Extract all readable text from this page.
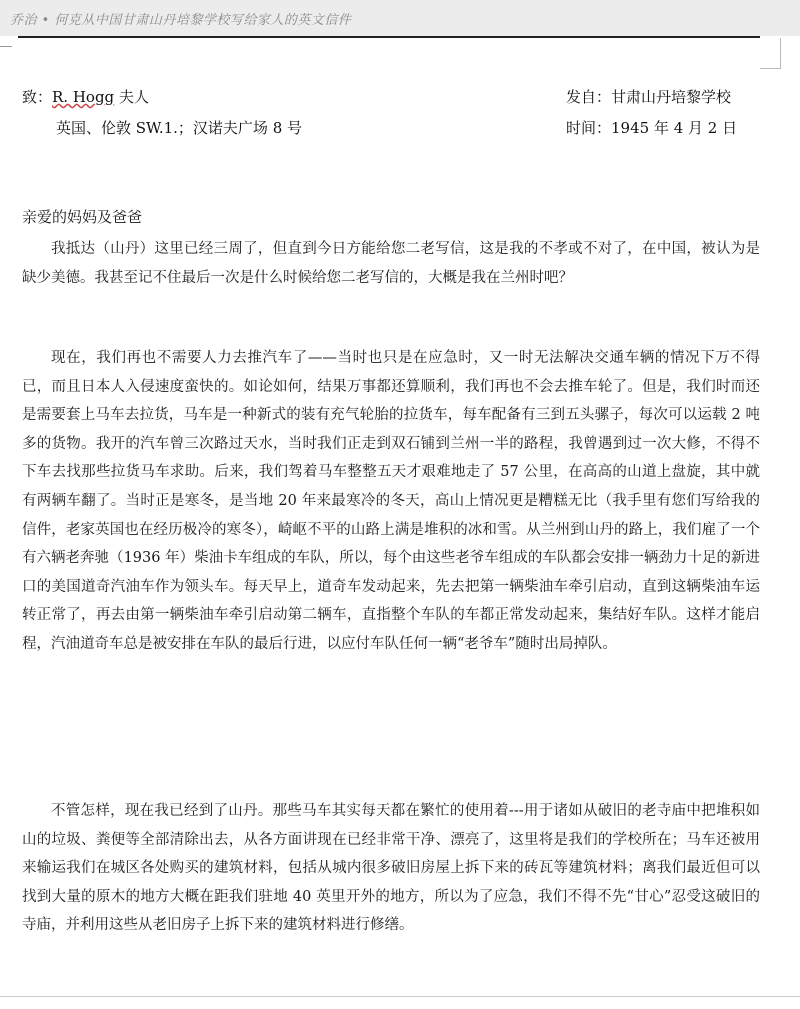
乔治 • 何克从中国甘肃山丹培黎学校写给家人的英文信件
致：R. Hogg 夫人
英国、伦敦 SW.1.；汉诺夫广场 8 号
发自：甘肃山丹培黎学校
时间：1945 年 4 月 2 日
亲爱的妈妈及爸爸

我抵达（山丹）这里已经三周了，但直到今日方能给您二老写信，这是我的不孝或不对了，在中国，被认为是缺少美德。我甚至记不住最后一次是什么时候给您二老写信的，大概是我在兰州时吧？

现在，我们再也不需要人力去推汽车了——当时也只是在应急时，又一时无法解决交通车辆的情况下万不得已，而且日本人入侵速度蛮快的。如论如何，结果万事都还算顺利，我们再也不会去推车轮了。但是，我们时而还是需要套上马车去拉货，马车是一种新式的装有充气轮胎的拉货车，每车配备有三到五头骡子，每次可以运载 2 吨多的货物。我开的汽车曾三次路过天水，当时我们正走到双石铺到兰州一半的路程，我曾遇到过一次大修，不得不下车去找那些拉货马车求助。后来，我们驾着马车整整五天才艰难地走了 57 公里，在高高的山道上盘旋，其中就有两辆车翻了。当时正是寒冬，是当地 20 年来最寒冷的冬天，高山上情况更是糟糕无比（我手里有您们写给我的信件，老家英国也在经历极冷的寒冬），崎岖不平的山路上满是堆积的冰和雪。从兰州到山丹的路上，我们雇了一个有六辆老奔驰（1936 年）柴油卡车组成的车队，所以，每个由这些老爷车组成的车队都会安排一辆劲力十足的新进口的美国道奇汽油车作为领头车。每天早上，道奇车发动起来，先去把第一辆柴油车牵引启动，直到这辆柴油车运转正常了，再去由第一辆柴油车牵引启动第二辆车，直指整个车队的车都正常发动起来，集结好车队。这样才能启程，汽油道奇车总是被安排在车队的最后行进，以应付车队任何一辆“老爷车”随时出局掉队。

不管怎样，现在我已经到了山丹。那些马车其实每天都在繁忙的使用着---用于诸如从破旧的老寺庙中把堆积如山的垃圾、粪便等全部清除出去，从各方面讲现在已经非常干净、漂亮了，这里将是我们的学校所在；马车还被用来输运我们在城区各处购买的建筑材料，包括从城内很多破旧房屋上拆下来的砖瓦等建筑材料；离我们最近但可以找到大量的原木的地方大概在距我们驻地 40 英里开外的地方，所以为了应急，我们不得不先“甘心”忍受这破旧的寺庙，并利用这些从老旧房子上拆下来的建筑材料进行修缮。
